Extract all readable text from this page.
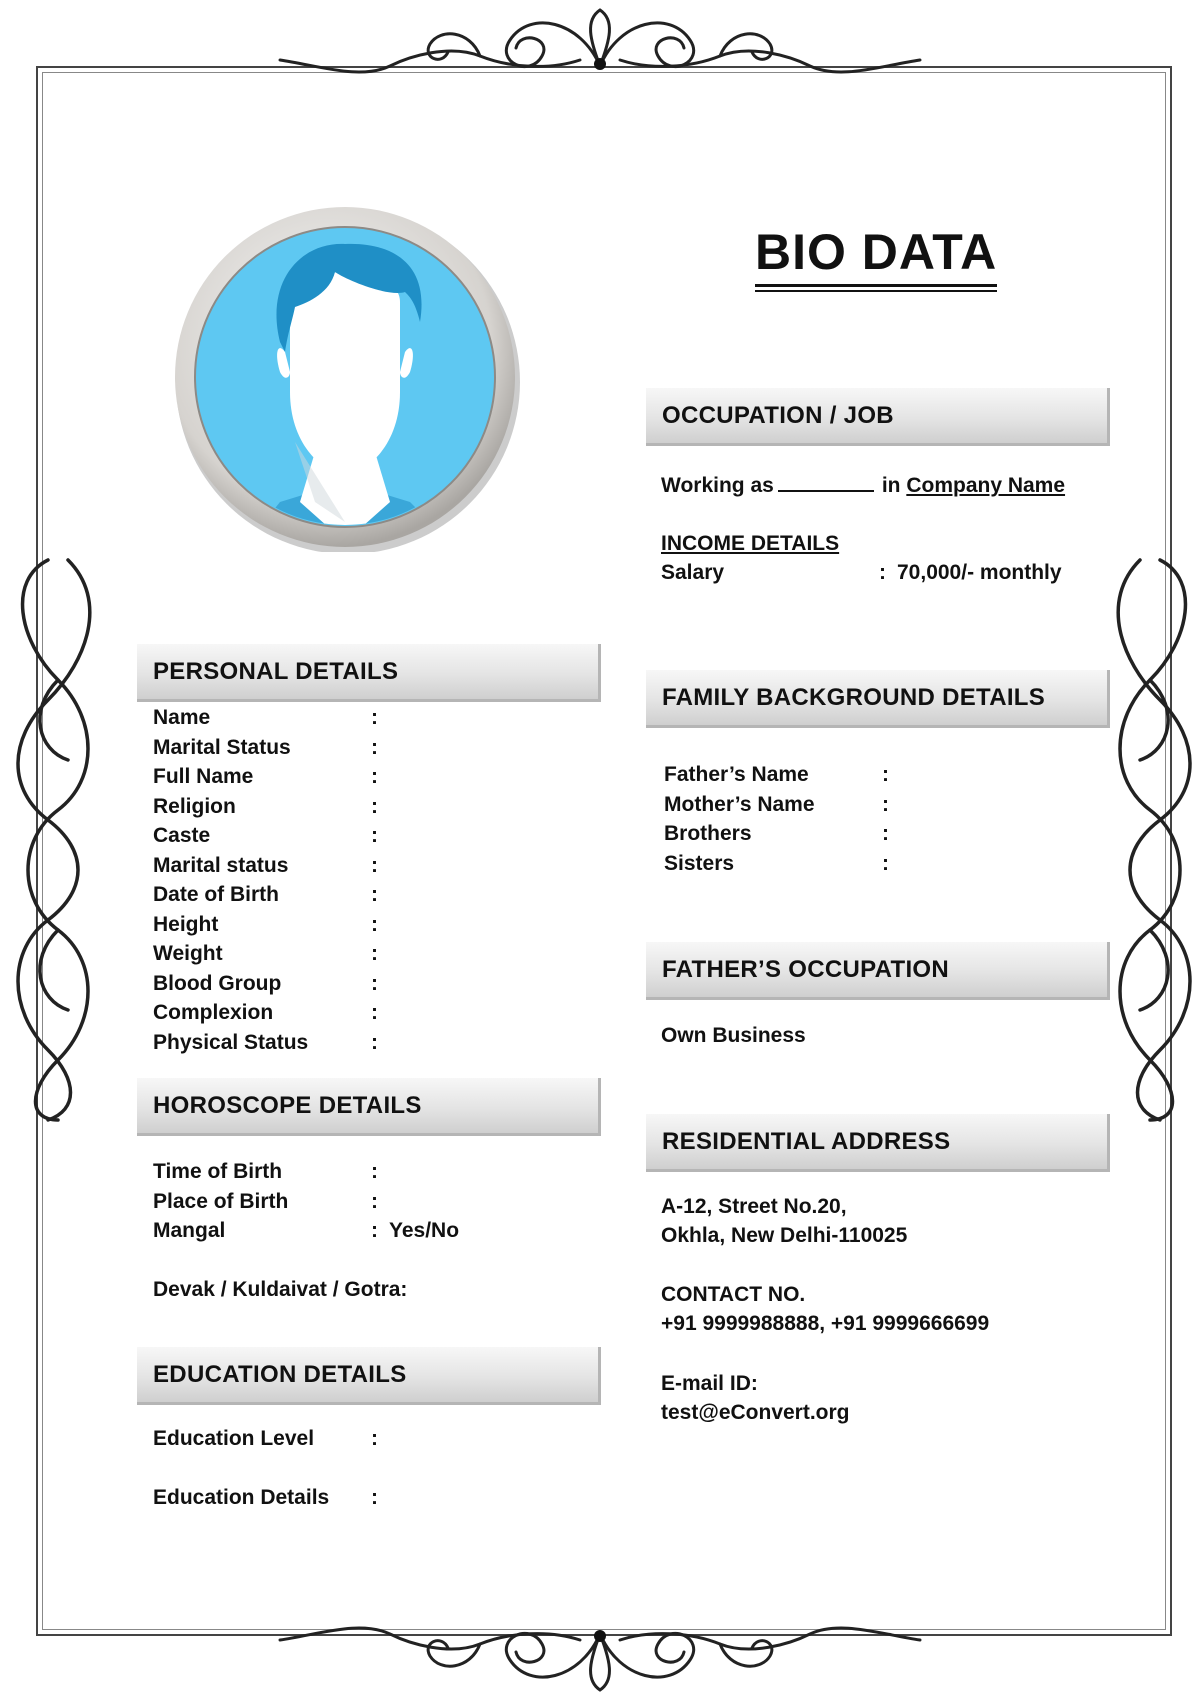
BIO DATA
OCCUPATION / JOB
Working as	in Company Name
INCOME DETAILS
Salary	: 70,000/- monthly
PERSONAL DETAILS
Name	:
Marital Status	:
Full Name	:
Religion	:
Caste	:
Marital status	:
Date of Birth	:
Height	:
Weight	:
Blood Group	:
Complexion	:
Physical Status	:
HOROSCOPE DETAILS
Time of Birth	:
Place of Birth	:
Mangal	: Yes/No
Devak / Kuldaivat / Gotra:
EDUCATION DETAILS
Education Level	:
Education Details :
FAMILY BACKGROUND DETAILS
Father’s Name	:
Mother’s Name	:
Brothers	:
Sisters	:
FATHER’S OCCUPATION
Own Business
RESIDENTIAL ADDRESS
A-12, Street No.20,
Okhla, New Delhi-110025
CONTACT NO.
+91 9999988888, +91 9999666699
E-mail ID:
test@eConvert.org
